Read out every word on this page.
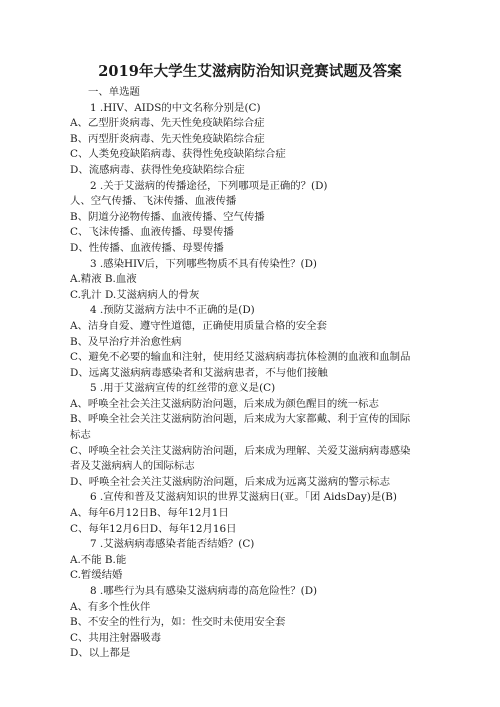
2019年大学生艾滋病防治知识竞赛试题及答案
一、单选题
1 .HIV、AIDS的中文名称分别是(C)
A、乙型肝炎病毒、先天性免疫缺陷综合症
B、丙型肝炎病毒、先天性免疫缺陷综合症
C、人类免疫缺陷病毒、获得性免疫缺陷综合症
D、流感病毒、获得性免疫缺陷综合症
2 .关于艾滋病的传播途径，下列哪项是正确的？(D)
人、空气传播、飞沫传播、血液传播
B、阴道分泌物传播、血液传播、空气传播
C、飞沫传播、血液传播、母婴传播
D、性传播、血液传播、母婴传播
3 .感染HIV后，下列哪些物质不具有传染性？(D)
A.精液 B.血液
C.乳汁 D.艾滋病病人的骨灰
4 .预防艾滋病方法中不正确的是(D)
A、洁身自爱、遵守性道德，正确使用质量合格的安全套
B、及早治疗并治愈性病
C、避免不必要的输血和注射，使用经艾滋病病毒抗体检测的血液和血制品
D、远离艾滋病病毒感染者和艾滋病患者，不与他们接触
5 .用于艾滋病宣传的红丝带的意义是(C)
A、呼唤全社会关注艾滋病防治问题，后来成为颜色醒目的统一标志
B、呼唤全社会关注艾滋病防治问题，后来成为大家都戴、利于宣传的国际
标志
C、呼唤全社会关注艾滋病防治问题，后来成为理解、关爱艾滋病病毒感染
者及艾滋病病人的国际标志
D、呼唤全社会关注艾滋病防治问题，后来成为远离艾滋病的警示标志
6 .宣传和普及艾滋病知识的世界艾滋病日(亚。「团 AidsDay)是(B)
A、每年6月12日B、每年12月1日
C、每年12月6日D、每年12月16日
7 .艾滋病病毒感染者能否结婚？(C)
A.不能 B.能
C.暂缓结婚
8 .哪些行为具有感染艾滋病病毒的高危险性？(D)
A、有多个性伙伴
B、不安全的性行为，如：性交时未使用安全套
C、共用注射器吸毒
D、以上都是
